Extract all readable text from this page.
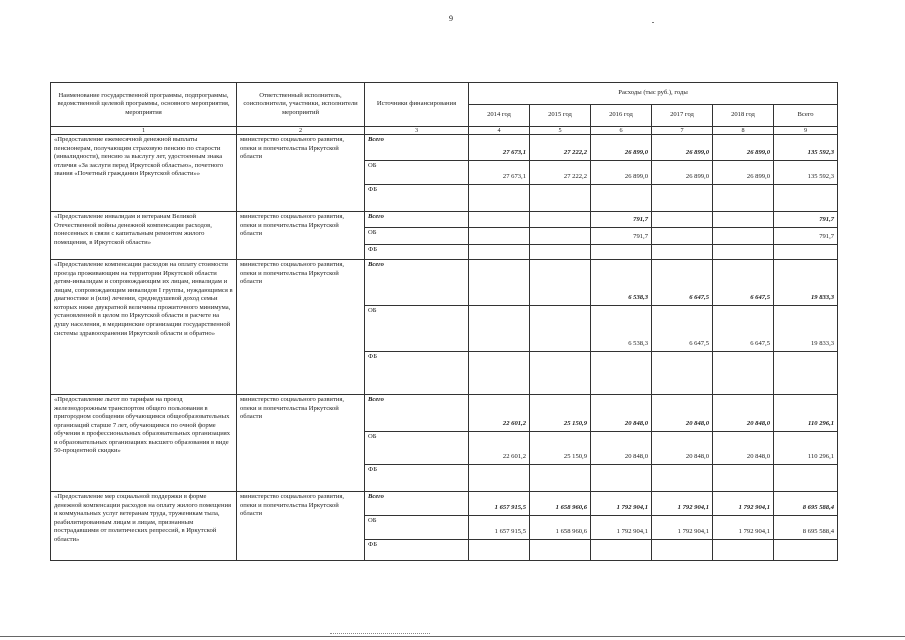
9
Наименование государственной программы, подпрограммы, ведомственной целевой программы, основного мероприятия, мероприятия	Ответственный исполнитель, соисполнители, участники, исполнители мероприятий	Источники финансирования	Расходы (тыс руб.), годы					
			2014 год	2015 год	2016 год	2017 год	2018 год	Всего
1	2	3	4	5	6	7	8	9
«Предоставление ежемесячной денежной выплаты пенсионерам, получающим страховую пенсию по старости (инвалидности), пенсию за выслугу лет, удостоенным знака отличия «За заслуги перед Иркутской областью», почетного звания «Почетный гражданин Иркутской области»»	министерство социального развития, опеки и попечительства Иркутской области	Всего	27 673,1	27 222,2	26 899,0	26 899,0	26 899,0	135 592,3
		ОБ	27 673,1	27 222,2	26 899,0	26 899,0	26 899,0	135 592,3
		ФБ						
«Предоставление инвалидам и ветеранам Великой Отечественной войны денежной компенсации расходов, понесенных в связи с капитальным ремонтом жилого помещения, в Иркутской области»	министерство социального развития, опеки и попечительства Иркутской области	Всего			791,7			791,7
		ОБ			791,7			791,7
		ФБ						
«Предоставление компенсации расходов на оплату стоимости проезда проживающим на территории Иркутской области детям-инвалидам и сопровождающим их лицам, инвалидам и лицам, сопровождающим инвалидов I группы, нуждающимся в диагностике и (или) лечении, среднедушевой доход семьи которых ниже двукратной величины прожиточного минимума, установленной в целом по Иркутской области в расчете на душу населения, в медицинские организации государственной системы здравоохранения Иркутской области и обратно»	министерство социального развития, опеки и попечительства Иркутской области	Всего			6 538,3	6 647,5	6 647,5	19 833,3
		ОБ			6 538,3	6 647,5	6 647,5	19 833,3
		ФБ						
«Предоставление льгот по тарифам на проезд железнодорожным транспортом общего пользования в пригородном сообщении обучающимся общеобразовательных организаций старше 7 лет, обучающимся по очной форме обучения в профессиональных образовательных организациях и образовательных организациях высшего образования в виде 50-процентной скидки»	министерство социального развития, опеки и попечительства Иркутской области	Всего	22 601,2	25 150,9	20 848,0	20 848,0	20 848,0	110 296,1
		ОБ	22 601,2	25 150,9	20 848,0	20 848,0	20 848,0	110 296,1
		ФБ						
«Предоставление мер социальной поддержки в форме денежной компенсации расходов на оплату жилого помещения и коммунальных услуг ветеранам труда, труженикам тыла, реабилитированным лицам и лицам, признанным пострадавшими от политических репрессий, в Иркутской области»	министерство социального развития, опеки и попечительства Иркутской области	Всего	1 657 915,5	1 658 960,6	1 792 904,1	1 792 904,1	1 792 904,1	8 695 588,4
		ОБ	1 657 915,5	1 658 960,6	1 792 904,1	1 792 904,1	1 792 904,1	8 695 588,4
		ФБ						
